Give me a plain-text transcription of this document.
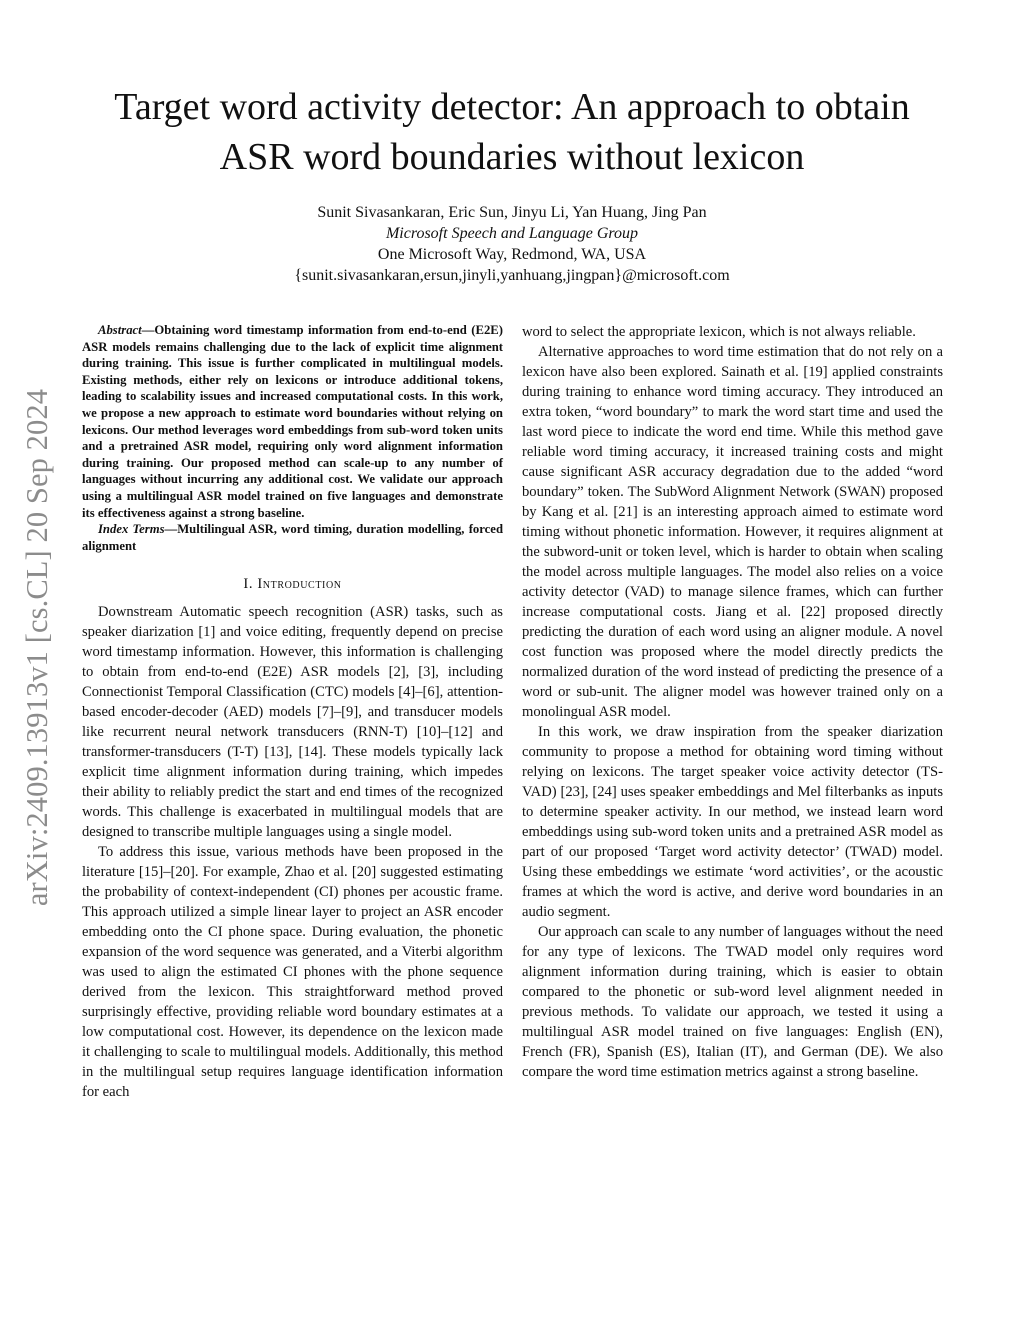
arXiv:2409.13913v1 [cs.CL] 20 Sep 2024
Target word activity detector: An approach to obtain ASR word boundaries without lexicon
Sunit Sivasankaran, Eric Sun, Jinyu Li, Yan Huang, Jing Pan
Microsoft Speech and Language Group
One Microsoft Way, Redmond, WA, USA
{sunit.sivasankaran,ersun,jinyli,yanhuang,jingpan}@microsoft.com

Abstract—Obtaining word timestamp information from end-to-end (E2E) ASR models remains challenging due to the lack of explicit time alignment during training. This issue is further complicated in multilingual models. Existing methods, either rely on lexicons or introduce additional tokens, leading to scalability issues and increased computational costs. In this work, we propose a new approach to estimate word boundaries without relying on lexicons. Our method leverages word embeddings from sub-word token units and a pretrained ASR model, requiring only word alignment information during training. Our proposed method can scale-up to any number of languages without incurring any additional cost. We validate our approach using a multilingual ASR model trained on five languages and demonstrate its effectiveness against a strong baseline.

Index Terms—Multilingual ASR, word timing, duration modelling, forced alignment

I. Introduction

Downstream Automatic speech recognition (ASR) tasks, such as speaker diarization [1] and voice editing, frequently depend on precise word timestamp information. However, this information is challenging to obtain from end-to-end (E2E) ASR models [2], [3], including Connectionist Temporal Classification (CTC) models [4]–[6], attention-based encoder-decoder (AED) models [7]–[9], and transducer models like recurrent neural network transducers (RNN-T) [10]–[12] and transformer-transducers (T-T) [13], [14]. These models typically lack explicit time alignment information during training, which impedes their ability to reliably predict the start and end times of the recognized words. This challenge is exacerbated in multilingual models that are designed to transcribe multiple languages using a single model.

To address this issue, various methods have been proposed in the literature [15]–[20]. For example, Zhao et al. [20] suggested estimating the probability of context-independent (CI) phones per acoustic frame. This approach utilized a simple linear layer to project an ASR encoder embedding onto the CI phone space. During evaluation, the phonetic expansion of the word sequence was generated, and a Viterbi algorithm was used to align the estimated CI phones with the phone sequence derived from the lexicon. This straightforward method proved surprisingly effective, providing reliable word boundary estimates at a low computational cost. However, its dependence on the lexicon made it challenging to scale to multilingual models. Additionally, this method in the multilingual setup requires language identification information for each

word to select the appropriate lexicon, which is not always reliable.

Alternative approaches to word time estimation that do not rely on a lexicon have also been explored. Sainath et al. [19] applied constraints during training to enhance word timing accuracy. They introduced an extra token, “word boundary” to mark the word start time and used the last word piece to indicate the word end time. While this method gave reliable word timing accuracy, it increased training costs and might cause significant ASR accuracy degradation due to the added “word boundary” token. The SubWord Alignment Network (SWAN) proposed by Kang et al. [21] is an interesting approach aimed to estimate word timing without phonetic information. However, it requires alignment at the subword-unit or token level, which is harder to obtain when scaling the model across multiple languages. The model also relies on a voice activity detector (VAD) to manage silence frames, which can further increase computational costs. Jiang et al. [22] proposed directly predicting the duration of each word using an aligner module. A novel cost function was proposed where the model directly predicts the normalized duration of the word instead of predicting the presence of a word or sub-unit. The aligner model was however trained only on a monolingual ASR model.

In this work, we draw inspiration from the speaker diarization community to propose a method for obtaining word timing without relying on lexicons. The target speaker voice activity detector (TS-VAD) [23], [24] uses speaker embeddings and Mel filterbanks as inputs to determine speaker activity. In our method, we instead learn word embeddings using sub-word token units and a pretrained ASR model as part of our proposed ‘Target word activity detector’ (TWAD) model. Using these embeddings we estimate ‘word activities’, or the acoustic frames at which the word is active, and derive word boundaries in an audio segment.

Our approach can scale to any number of languages without the need for any type of lexicons. The TWAD model only requires word alignment information during training, which is easier to obtain compared to the phonetic or sub-word level alignment needed in previous methods. To validate our approach, we tested it using a multilingual ASR model trained on five languages: English (EN), French (FR), Spanish (ES), Italian (IT), and German (DE). We also compare the word time estimation metrics against a strong baseline.
